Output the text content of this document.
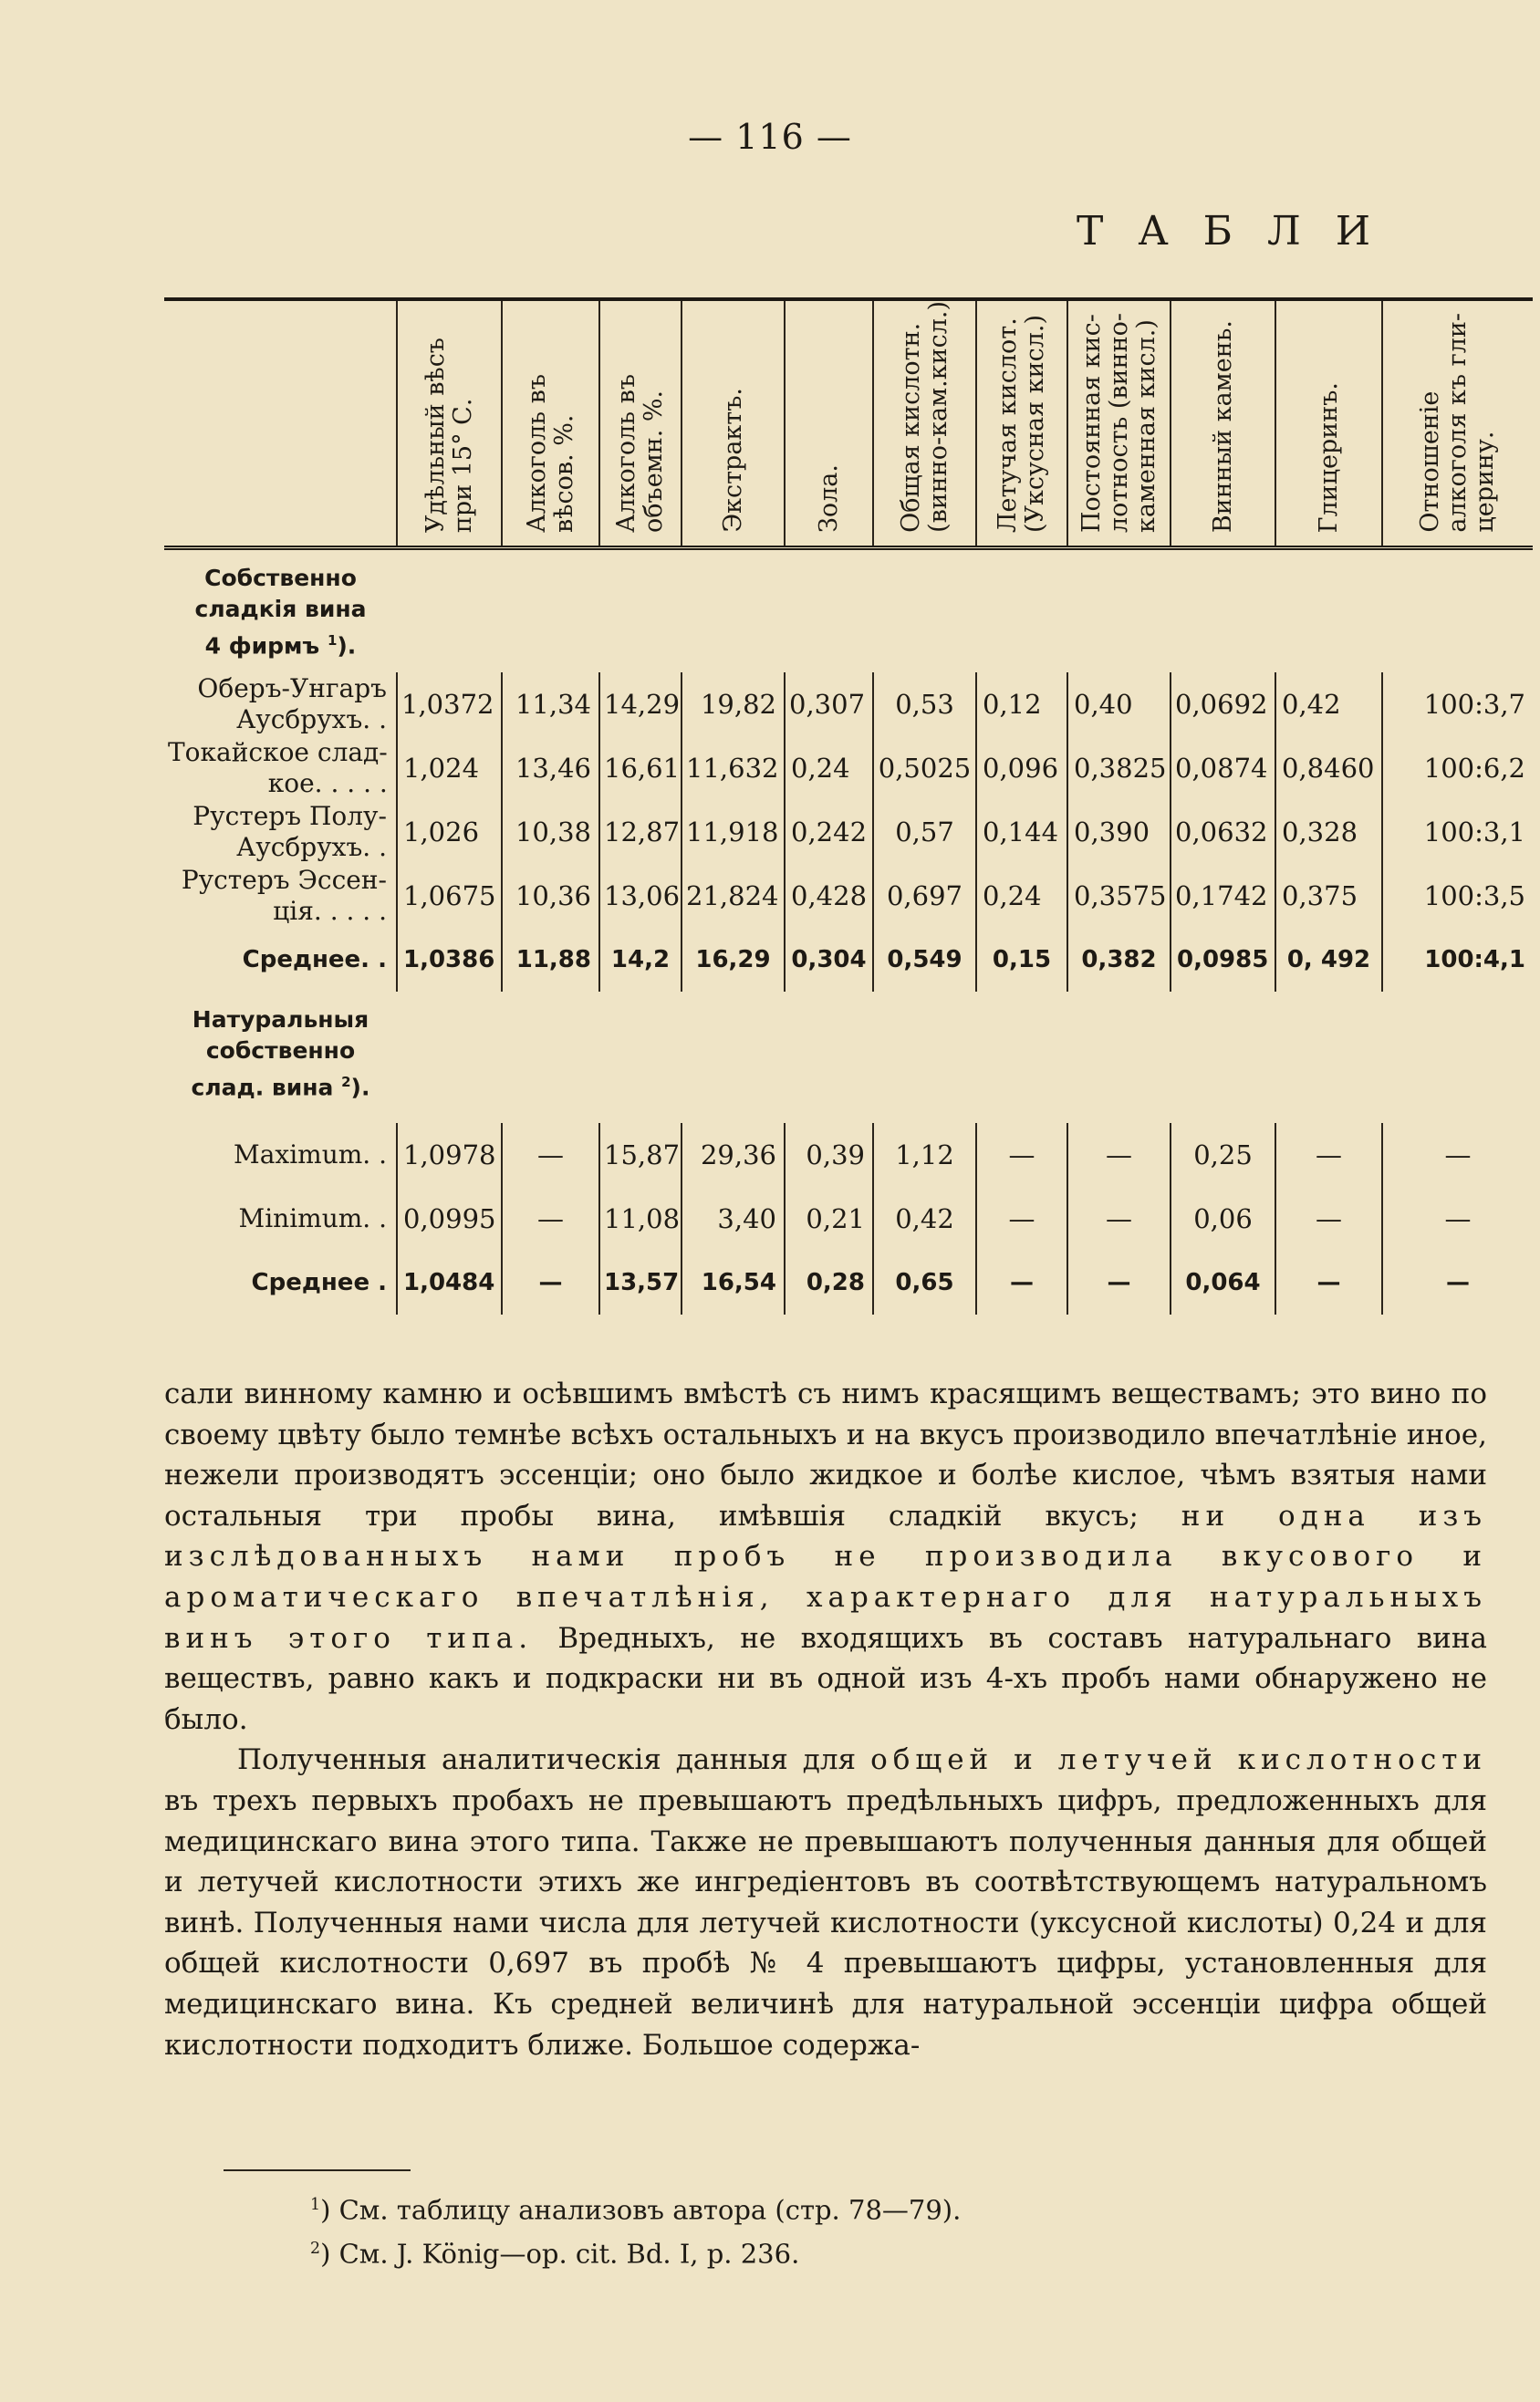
— 116 —
ТАБЛИ

	Удѣльный вѣсъ
при 15° С.	Алкоголь въ
вѣсов. %.	Алкоголь въ
объемн. %.	Экстрактъ.	Зола.	Общая кислотн.
(винно-кам.кисл.)	Летучая кислот.
(Уксусная кисл.)	Постоянная кис-
лотность (винно-
каменная кисл.)	Винный камень.	Глицеринъ.	Отношеніе
алкоголя къ гли-
церину.

Собственно
сладкія вина
4 фирмъ $^1$).											

Оберъ-Унгаръ
Аусбрухъ. .	1,0372	11,34	14,29	19,82	0,307	0,53	0,12	0,40	0,0692	0,42	100:3,7

Токайское слад-
кое. . . . .	1,024	13,46	16,61	11,632	0,24	0,5025	0,096	0,3825	0,0874	0,8460	100:6,2

Рустеръ Полу-
Аусбрухъ. .	1,026	10,38	12,87	11,918	0,242	0,57	0,144	0,390	0,0632	0,328	100:3,1

Рустеръ Эссен-
ція. . . . .	1,0675	10,36	13,06	21,824	0,428	0,697	0,24	0,3575	0,1742	0,375	100:3,5
Среднее. .	1,0386	11,88	14,2	16,29	0,304	0,549	0,15	0,382	0,0985	0, 492	100:4,1
Натуральныя
собственно
слад. вина $^2$).											
Maximum. .	1,0978	—	15,87	29,36	0,39	1,12	—	—	0,25	—	—
Minimum. .	0,0995	—	11,08	3,40	0,21	0,42	—	—	0,06	—	—
Среднее .	1,0484	—	13,57	16,54	0,28	0,65	—	—	0,064	—	—

сали винному камню и осѣвшимъ вмѣстѣ съ нимъ красящимъ веществамъ; это вино по своему цвѣту было темнѣе всѣхъ остальныхъ и на вкусъ производило впечатлѣніе иное, нежели производятъ эссенціи; оно было жидкое и болѣе кислое, чѣмъ взятыя нами остальныя три пробы вина, имѣвшія сладкій вкусъ; ни одна изъ изслѣдованныхъ нами пробъ не производила вкусового и ароматическаго впечатлѣнія, характернаго для натуральныхъ винъ этого типа. Вредныхъ, не входящихъ въ составъ натуральнаго вина веществъ, равно какъ и подкраски ни въ одной изъ 4-хъ пробъ нами обнаружено не было.

Полученныя аналитическія данныя для общей и летучей кислотности въ трехъ первыхъ пробахъ не превышаютъ предѣльныхъ цифръ, предложенныхъ для медицинскаго вина этого типа. Также не превышаютъ полученныя данныя для общей и летучей кислотности этихъ же ингредіентовъ въ соотвѣтствующемъ натуральномъ винѣ. Полученныя нами числа для летучей кислотности (уксусной кислоты) 0,24 и для общей кислотности 0,697 въ пробѣ № 4 превышаютъ цифры, установленныя для медицинскаго вина. Къ средней величинѣ для натуральной эссенціи цифра общей кислотности подходитъ ближе. Большое содержа-

$^1$) См. таблицу анализовъ автора (стр. 78—79).
$^2$) См. J. König—op. cit. Bd. I, p. 236.
